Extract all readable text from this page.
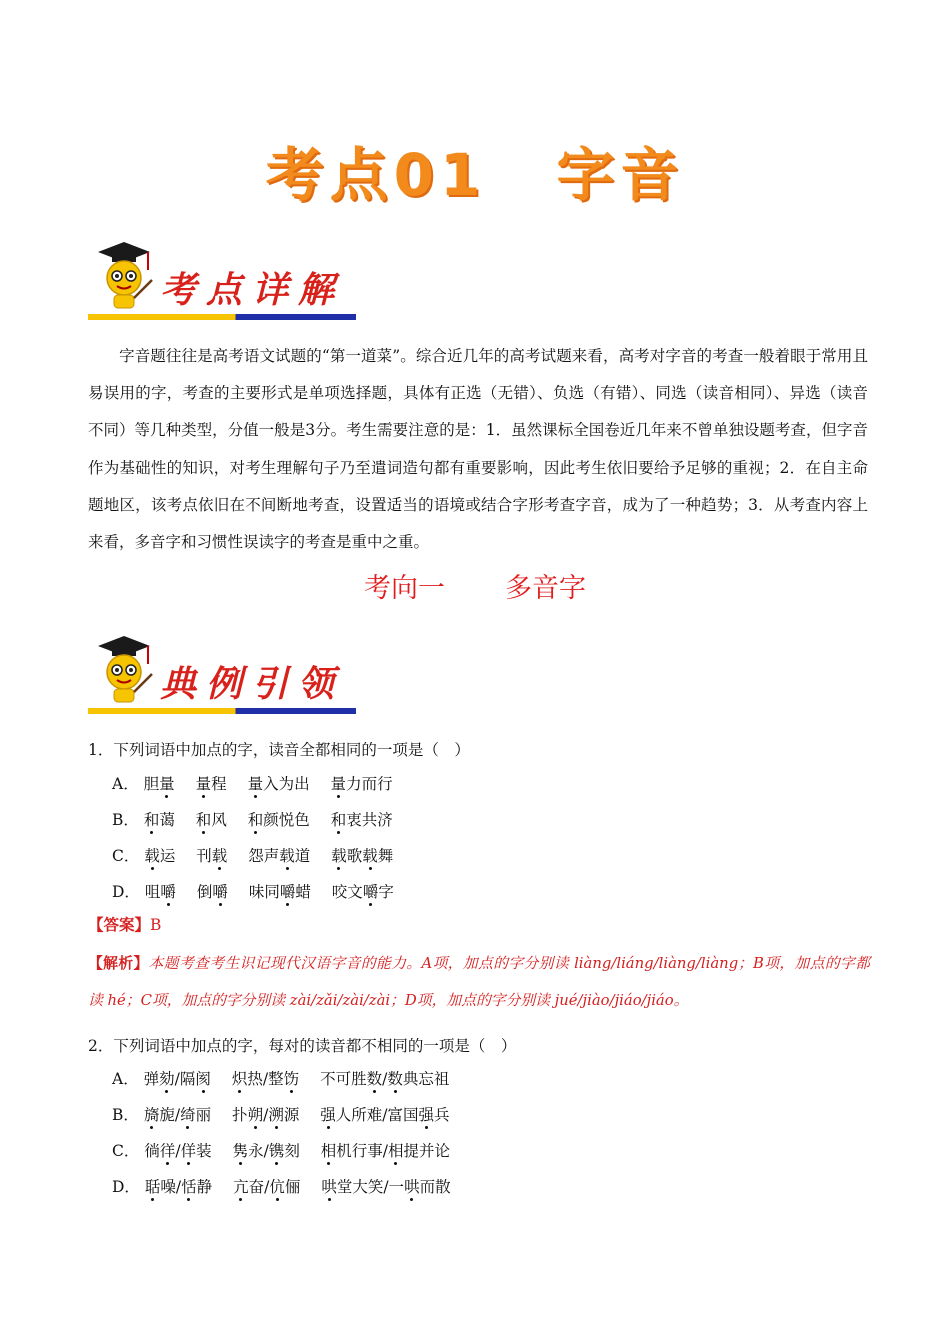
考点01 字音
考点详解
字音题往往是高考语文试题的“第一道菜”。综合近几年的高考试题来看，高考对字音的考查一般着眼于常用且易误用的字，考查的主要形式是单项选择题，具体有正选（无错）、负选（有错）、同选（读音相同）、异选（读音不同）等几种类型，分值一般是3分。考生需要注意的是：1．虽然课标全国卷近几年来不曾单独设题考查，但字音作为基础性的知识，对考生理解句子乃至遣词造句都有重要影响，因此考生依旧要给予足够的重视；2．在自主命题地区，该考点依旧在不间断地考查，设置适当的语境或结合字形考查字音，成为了一种趋势；3．从考查内容上来看，多音字和习惯性误读字的考查是重中之重。
考向一 多音字
典例引领
1．下列词语中加点的字，读音全都相同的一项是（　）
A． 胆量 量程 量入为出 量力而行
B． 和蔼 和风 和颜悦色 和衷共济
C． 载运 刊载 怨声载道 载歌载舞
D． 咀嚼 倒嚼 味同嚼蜡 咬文嚼字
【答案】B
【解析】本题考查考生识记现代汉语字音的能力。A项，加点的字分别读 liàng/liáng/liàng/liàng；B项，加点的字都读 hé；C项，加点的字分别读 zài/zǎi/zài/zài；D项，加点的字分别读 jué/jiào/jiáo/jiáo。
2．下列词语中加点的字，每对的读音都不相同的一项是（　）
A． 弹劾/隔阂 炽热/整饬 不可胜数/数典忘祖
B． 旖旎/绮丽 扑朔/溯源 强人所难/富国强兵
C． 徜徉/佯装 隽永/镌刻 相机行事/相提并论
D． 聒噪/恬静 亢奋/伉俪 哄堂大笑/一哄而散
